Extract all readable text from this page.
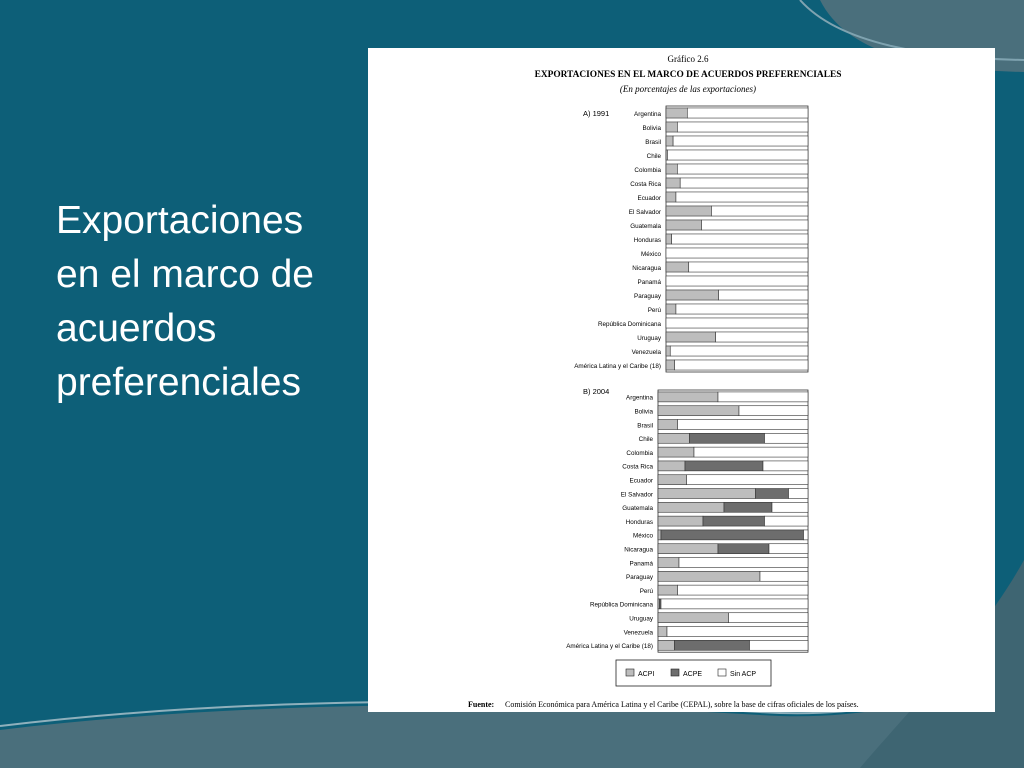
Exportaciones
en el marco de
acuerdos
preferenciales
Gráfico 2.6
EXPORTACIONES EN EL MARCO DE ACUERDOS PREFERENCIALES
(En porcentajes de las exportaciones)
A) 1991	Argentina
Bolivia
Brasil
Chile
Colombia
Costa Rica
Ecuador
El Salvador
Guatemala
Honduras
México
Nicaragua
Panamá
Paraguay
Perú
República Dominicana
Uruguay
Venezuela
América Latina y el Caribe (18)
B) 2004
Argentina
Bolivia
Brasil
Chile
Colombia
Costa Rica
Ecuador
El Salvador
Guatemala
Honduras
México
Nicaragua
Panamá
Paraguay
Perú
República Dominicana
Uruguay
Venezuela
América Latina y el Caribe (18)
ACPI	ACPE	Sin ACP
Fuente: Comisión Económica para América Latina y el Caribe (CEPAL), sobre la base de cifras oficiales de los países.
